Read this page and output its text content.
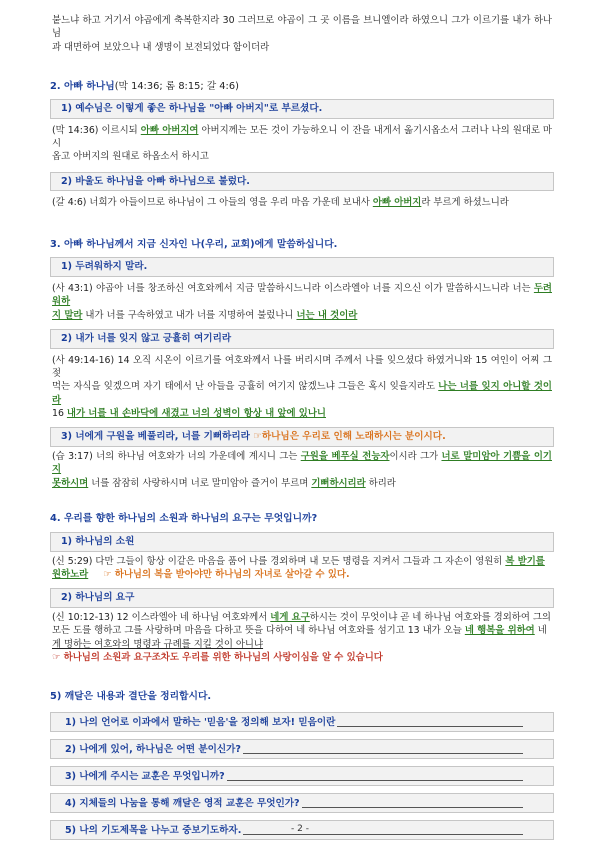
붙느냐 하고 거기서 야곱에게 축복한지라 30 그러므로 야곱이 그 곳 이름을 브니엘이라 하였으니 그가 이르기를 내가 하나님

과 대면하여 보았으나 내 생명이 보전되었다 함이더라

2. 아빠 하나님(막 14:36; 롬 8:15; 갈 4:6)

1) 예수님은 이렇게 좋은 하나님을 "아빠 아버지"로 부르셨다.

(막 14:36) 이르시되 아빠 아버지여 아버지께는 모든 것이 가능하오니 이 잔을 내게서 옮기시옵소서 그러나 나의 원대로 마시

옵고 아버지의 원대로 하옵소서 하시고

2) 바울도 하나님을 아빠 하나님으로 불렀다.

(갈 4:6) 너희가 아들이므로 하나님이 그 아들의 영을 우리 마음 가운데 보내사 아빠 아버지라 부르게 하셨느니라

3. 아빠 하나님께서 지금 신자인 나(우리, 교회)에게 말씀하십니다.

1) 두려워하지 말라.

(사 43:1) 야곱아 너를 창조하신 여호와께서 지금 말씀하시느니라 이스라엘아 너를 지으신 이가 말씀하시느니라 너는 두려워하

지 말라 내가 너를 구속하였고 내가 너를 지명하여 불렀나니 너는 내 것이라

2) 내가 너를 잊지 않고 긍휼히 여기리라

(사 49:14-16) 14 오직 시온이 이르기를 여호와께서 나를 버리시며 주께서 나를 잊으셨다 하였거니와 15 여인이 어찌 그 젖

먹는 자식을 잊겠으며 자기 태에서 난 아들을 긍휼히 여기지 않겠느냐 그들은 혹시 잊을지라도 나는 너를 잊지 아니할 것이라

16 내가 너를 내 손바닥에 새겼고 너의 성벽이 항상 내 앞에 있나니

3) 너에게 구원을 베풀리라, 너를 기뻐하리라 ☞하나님은 우리로 인해 노래하시는 분이시다.

(습 3:17) 너의 하나님 여호와가 너의 가운데에 계시니 그는 구원을 베푸실 전능자이시라 그가 너로 말미암아 기쁨을 이기지

못하시며 너를 잠잠히 사랑하시며 너로 말미암아 즐거이 부르며 기뻐하시리라 하리라

4. 우리를 향한 하나님의 소원과 하나님의 요구는 무엇입니까?

1) 하나님의 소원

(신 5:29) 다만 그들이 항상 이같은 마음을 품어 나를 경외하며 내 모든 명령을 지켜서 그들과 그 자손이 영원히 복 받기를

원하노라 ☞ 하나님의 복을 받아야만 하나님의 자녀로 살아갈 수 있다.

2) 하나님의 요구

(신 10:12-13) 12 이스라엘아 네 하나님 여호와께서 네게 요구하시는 것이 무엇이냐 곧 네 하나님 여호와를 경외하여 그의

모든 도를 행하고 그를 사랑하며 마음을 다하고 뜻을 다하여 네 하나님 여호와를 섬기고 13 내가 오늘 네 행복을 위하여 네

게 명하는 여호와의 명령과 규례를 지킬 것이 아니냐

☞ 하나님의 소원과 요구조차도 우리를 위한 하나님의 사랑이심을 알 수 있습니다

5) 깨달은 내용과 결단을 정리합시다.

1) 나의 언어로 이과에서 말하는 '믿음'을 정의해 보자! 믿음이란
2) 나에게 있어, 하나님은 어떤 분이신가?
3) 나에게 주시는 교훈은 무엇입니까?
4) 지체들의 나눔을 통해 깨달은 영적 교훈은 무엇인가?
5) 나의 기도제목을 나누고 중보기도하자.	- 2 -
